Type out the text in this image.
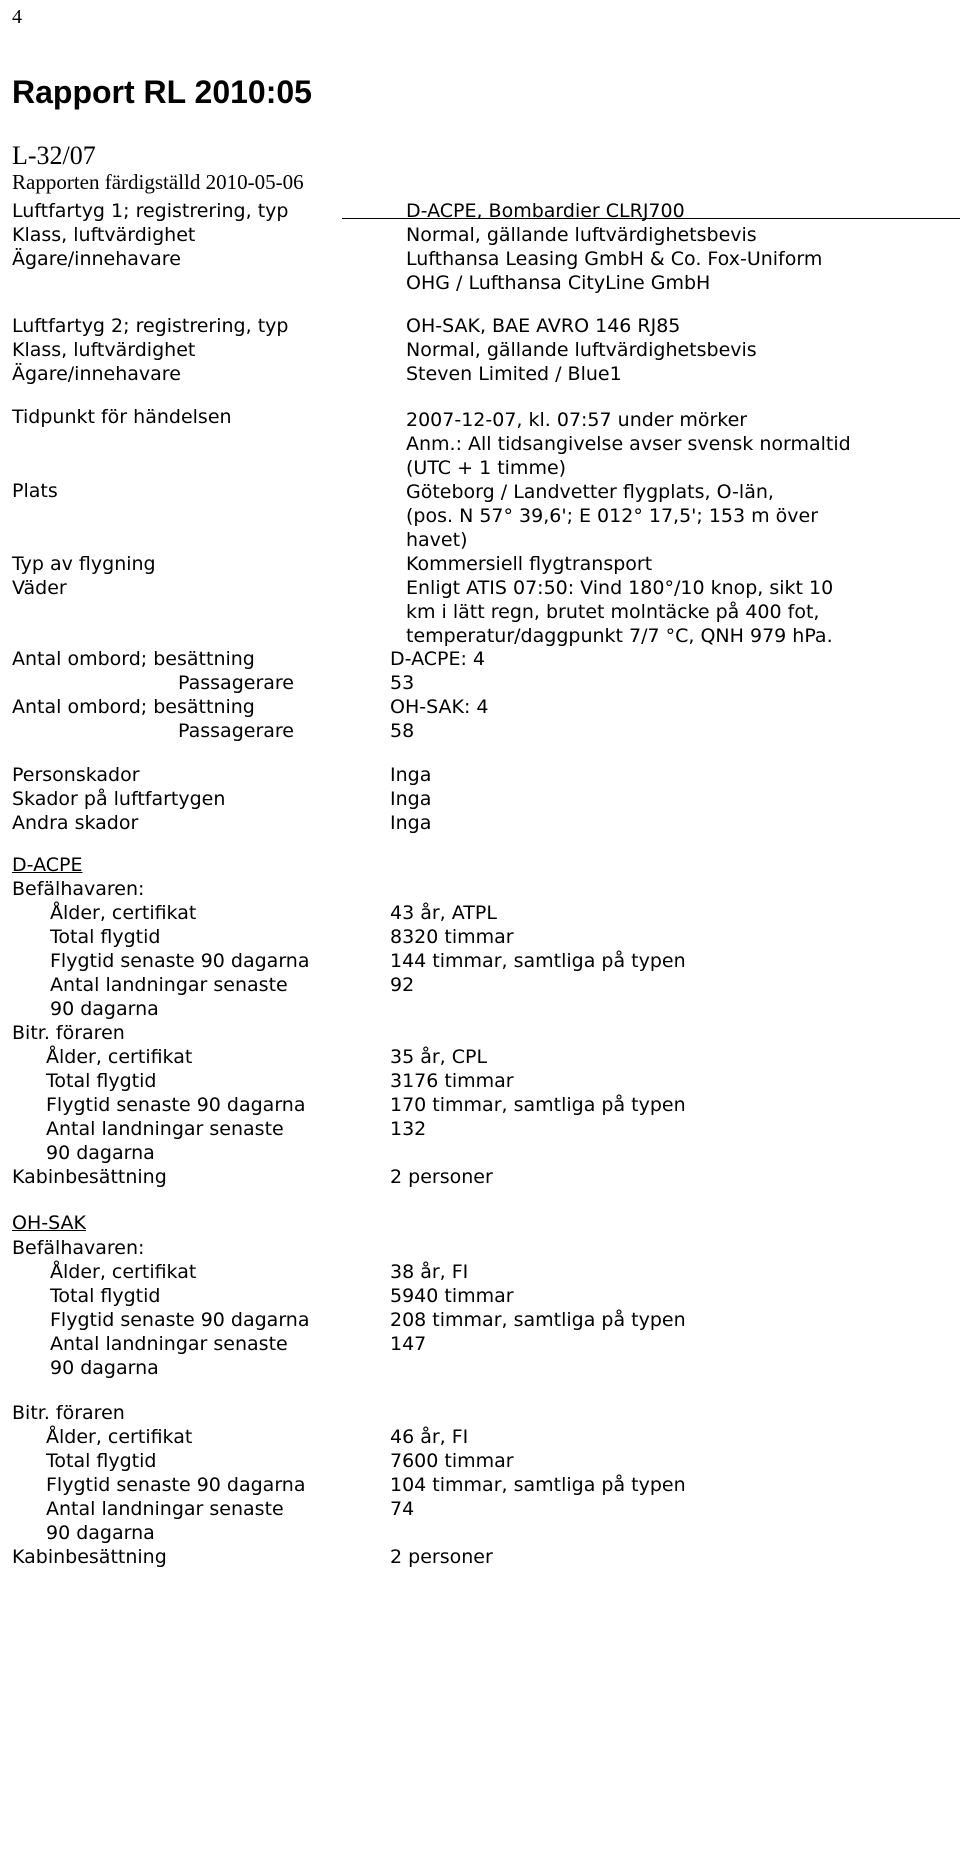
4
Rapport RL 2010:05
L-32/07
Rapporten färdigställd 2010-05-06
Luftfartyg 1; registrering, typ	D-ACPE, Bombardier CLRJ700
Klass, luftvärdighet	Normal, gällande luftvärdighetsbevis
Ägare/innehavare	Lufthansa Leasing GmbH & Co. Fox-Uniform
OHG / Lufthansa CityLine GmbH
Luftfartyg 2; registrering, typ	OH-SAK, BAE AVRO 146 RJ85
Klass, luftvärdighet	Normal, gällande luftvärdighetsbevis
Ägare/innehavare	Steven Limited / Blue1
Tidpunkt för händelsen	2007-12-07, kl. 07:57 under mörker
Anm.: All tidsangivelse avser svensk normaltid
(UTC + 1 timme)
Plats	Göteborg / Landvetter flygplats, O-län,
(pos. N 57° 39,6'; E 012° 17,5'; 153 m över
havet)
Typ av flygning	Kommersiell flygtransport
Väder	Enligt ATIS 07:50: Vind 180°/10 knop, sikt 10
km i lätt regn, brutet molntäcke på 400 fot,
temperatur/daggpunkt 7/7 °C, QNH 979 hPa.
Antal ombord; besättning	D-ACPE: 4
Passagerare	53
Antal ombord; besättning	OH-SAK: 4
Passagerare	58
Personskador	Inga
Skador på luftfartygen	Inga
Andra skador	Inga
D-ACPE
Befälhavaren:
Ålder, certifikat	43 år, ATPL
Total flygtid	8320 timmar
Flygtid senaste 90 dagarna	144 timmar, samtliga på typen
Antal landningar senaste	92
90 dagarna
Bitr. föraren
Ålder, certifikat	35 år, CPL
Total flygtid	3176 timmar
Flygtid senaste 90 dagarna	170 timmar, samtliga på typen
Antal landningar senaste	132
90 dagarna
Kabinbesättning	2 personer
OH-SAK
Befälhavaren:
Ålder, certifikat	38 år, FI
Total flygtid	5940 timmar
Flygtid senaste 90 dagarna	208 timmar, samtliga på typen
Antal landningar senaste	147
90 dagarna
Bitr. föraren
Ålder, certifikat	46 år, FI
Total flygtid	7600 timmar
Flygtid senaste 90 dagarna	104 timmar, samtliga på typen
Antal landningar senaste	74
90 dagarna
Kabinbesättning	2 personer
